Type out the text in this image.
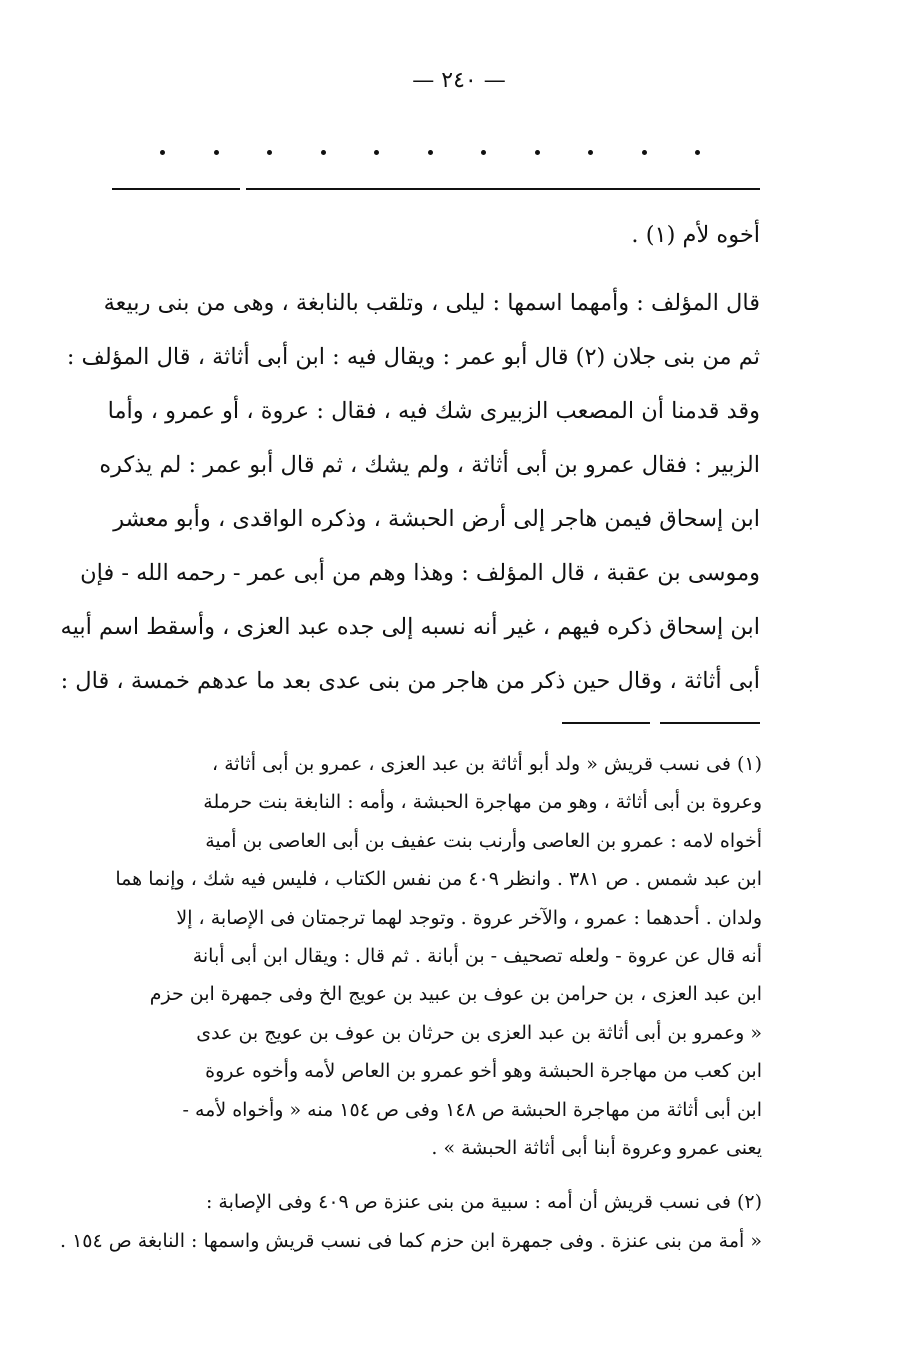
— ٢٤٠ —
أخوه لأم (١) .
قال المؤلف : وأمهما اسمها : ليلى ، وتلقب بالنابغة ، وهى من بنى ربيعة
ثم من بنى جلان (٢) قال أبو عمر : ويقال فيه : ابن أبى أثاثة ، قال المؤلف :
وقد قدمنا أن المصعب الزبيرى شك فيه ، فقال : عروة ، أو عمرو ، وأما
الزبير : فقال عمرو بن أبى أثاثة ، ولم يشك ، ثم قال أبو عمر : لم يذكره
ابن إسحاق فيمن هاجر إلى أرض الحبشة ، وذكره الواقدى ، وأبو معشر
وموسى بن عقبة ، قال المؤلف : وهذا وهم من أبى عمر - رحمه الله - فإن
ابن إسحاق ذكره فيهم ، غير أنه نسبه إلى جده عبد العزى ، وأسقط اسم أبيه
أبى أثاثة ، وقال حين ذكر من هاجر من بنى عدى بعد ما عدهم خمسة ، قال :
(١) فى نسب قريش « ولد أبو أثاثة بن عبد العزى ، عمرو بن أبى أثاثة ،
وعروة بن أبى أثاثة ، وهو من مهاجرة الحبشة ، وأمه : النابغة بنت حرملة
أخواه لامه : عمرو بن العاصى وأرنب بنت عفيف بن أبى العاصى بن أمية
ابن عبد شمس . ص ٣٨١ . وانظر ٤٠٩ من نفس الكتاب ، فليس فيه شك ، وإنما هما
ولدان . أحدهما : عمرو ، والآخر عروة . وتوجد لهما ترجمتان فى الإصابة ، إلا
أنه قال عن عروة - ولعله تصحيف - بن أبانة . ثم قال : ويقال ابن أبى أبانة
ابن عبد العزى ، بن حرامن بن عوف بن عبيد بن عويج الخ وفى جمهرة ابن حزم
« وعمرو بن أبى أثاثة بن عبد العزى بن حرثان بن عوف بن عويج بن عدى
ابن كعب من مهاجرة الحبشة وهو أخو عمرو بن العاص لأمه وأخوه عروة
ابن أبى أثاثة من مهاجرة الحبشة ص ١٤٨ وفى ص ١٥٤ منه « وأخواه لأمه -
يعنى عمرو وعروة أبنا أبى أثاثة الحبشة » .
(٢) فى نسب قريش أن أمه : سبية من بنى عنزة ص ٤٠٩ وفى الإصابة :
« أمة من بنى عنزة . وفى جمهرة ابن حزم كما فى نسب قريش واسمها : النابغة ص ١٥٤ .
